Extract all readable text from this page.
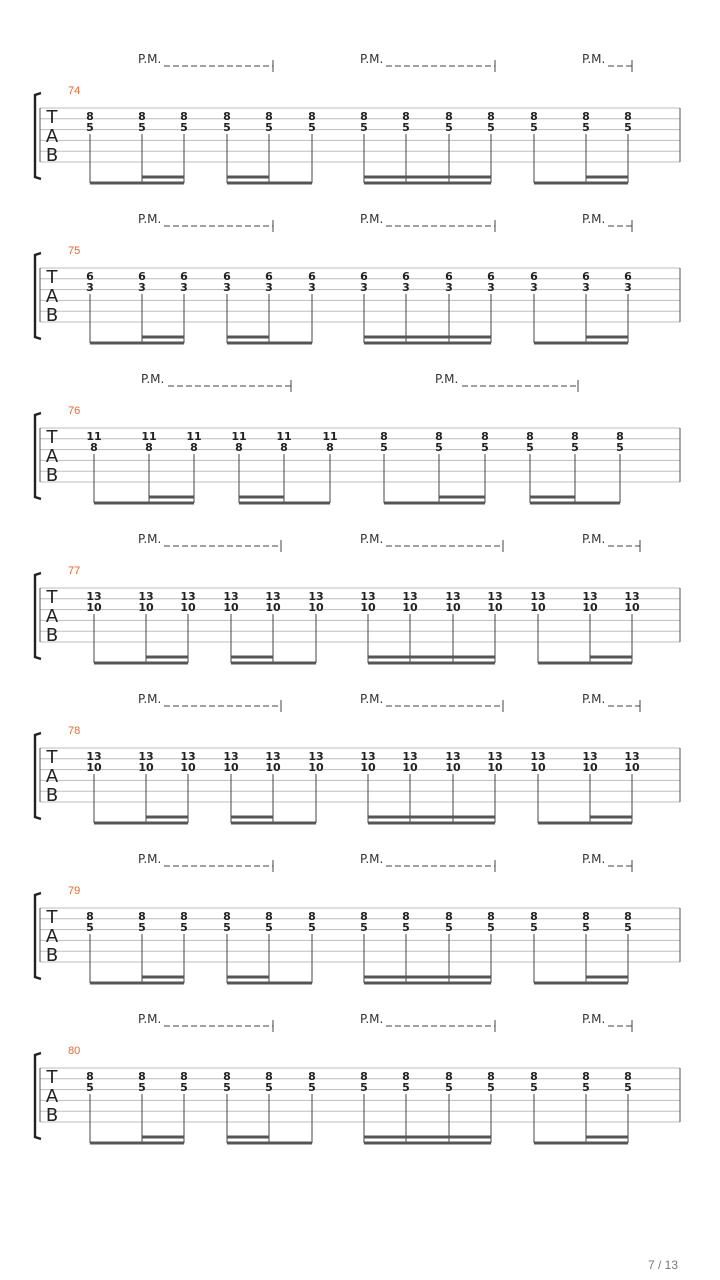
T
A
B
74
P.M.	P.M.	P.M.
8
5
8
5
8
5
8
5
8
5
8
5
8
5
8
5
8
5
8
5
8
5
8
5
8
5
T
A
B
75
P.M.	P.M.	P.M.
6
3
6
3
6
3
6
3
6
3
6
3
6
3
6
3
6
3
6
3
6
3
6
3
6
3
T
A
B
76
P.M.	P.M.
11
8
11
8
11
8
11
8
11
8
11
8
8
5
8
5
8
5
8
5
8
5
8
5
T
A
B
77
P.M.	P.M.	P.M.
13
10
13
10
13
10
13
10
13
10
13
10
13
10
13
10
13
10
13
10
13
10
13
10
13
10
T
A
B
78
P.M.	P.M.	P.M.
13
10
13
10
13
10
13
10
13
10
13
10
13
10
13
10
13
10
13
10
13
10
13
10
13
10
T
A
B
79
P.M.	P.M.	P.M.
8
5
8
5
8
5
8
5
8
5
8
5
8
5
8
5
8
5
8
5
8
5
8
5
8
5
T
A
B
80
P.M.	P.M.	P.M.
8
5
8
5
8
5
8
5
8
5
8
5
8
5
8
5
8
5
8
5
8
5
8
5
8
5
7 / 13
